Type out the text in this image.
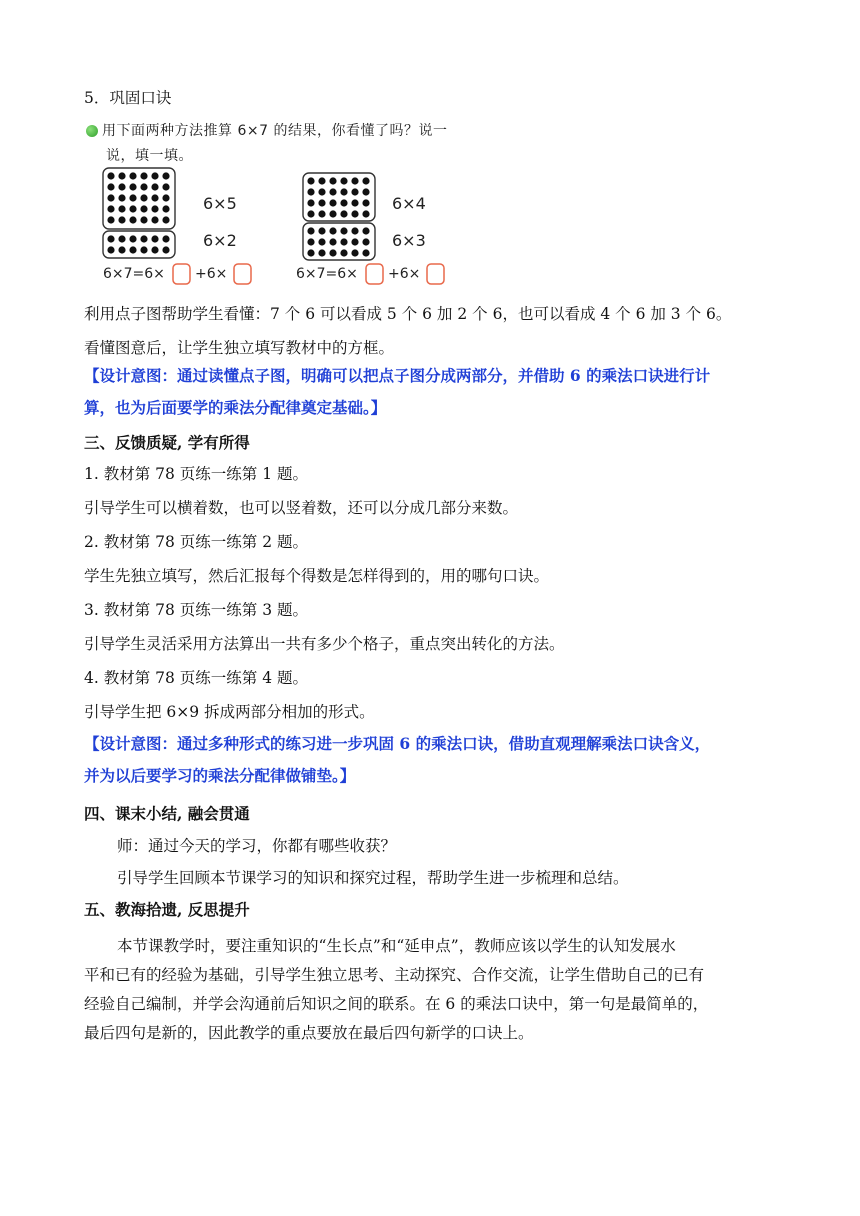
5．巩固口诀
用下面两种方法推算 6×7 的结果，你看懂了吗？说一
说，填一填。
6×5
6×2
6×4
6×3
6×7=6× +6×	6×7=6× +6×
利用点子图帮助学生看懂：7 个 6 可以看成 5 个 6 加 2 个 6，也可以看成 4 个 6 加 3 个 6。
看懂图意后，让学生独立填写教材中的方框。
【设计意图：通过读懂点子图，明确可以把点子图分成两部分，并借助 6 的乘法口诀进行计
算，也为后面要学的乘法分配律奠定基础。】
三、反馈质疑, 学有所得
1. 教材第 78 页练一练第 1 题。
引导学生可以横着数，也可以竖着数，还可以分成几部分来数。
2. 教材第 78 页练一练第 2 题。
学生先独立填写，然后汇报每个得数是怎样得到的，用的哪句口诀。
3. 教材第 78 页练一练第 3 题。
引导学生灵活采用方法算出一共有多少个格子，重点突出转化的方法。
4. 教材第 78 页练一练第 4 题。
引导学生把 6×9 拆成两部分相加的形式。
【设计意图：通过多种形式的练习进一步巩固 6 的乘法口诀，借助直观理解乘法口诀含义，
并为以后要学习的乘法分配律做铺垫。】
四、课末小结, 融会贯通
师：通过今天的学习，你都有哪些收获？
引导学生回顾本节课学习的知识和探究过程，帮助学生进一步梳理和总结。
五、教海拾遗, 反思提升
本节课教学时，要注重知识的“生长点”和“延申点”，教师应该以学生的认知发展水
平和已有的经验为基础，引导学生独立思考、主动探究、合作交流，让学生借助自己的已有
经验自己编制，并学会沟通前后知识之间的联系。在 6 的乘法口诀中，第一句是最简单的，
最后四句是新的，因此教学的重点要放在最后四句新学的口诀上。
